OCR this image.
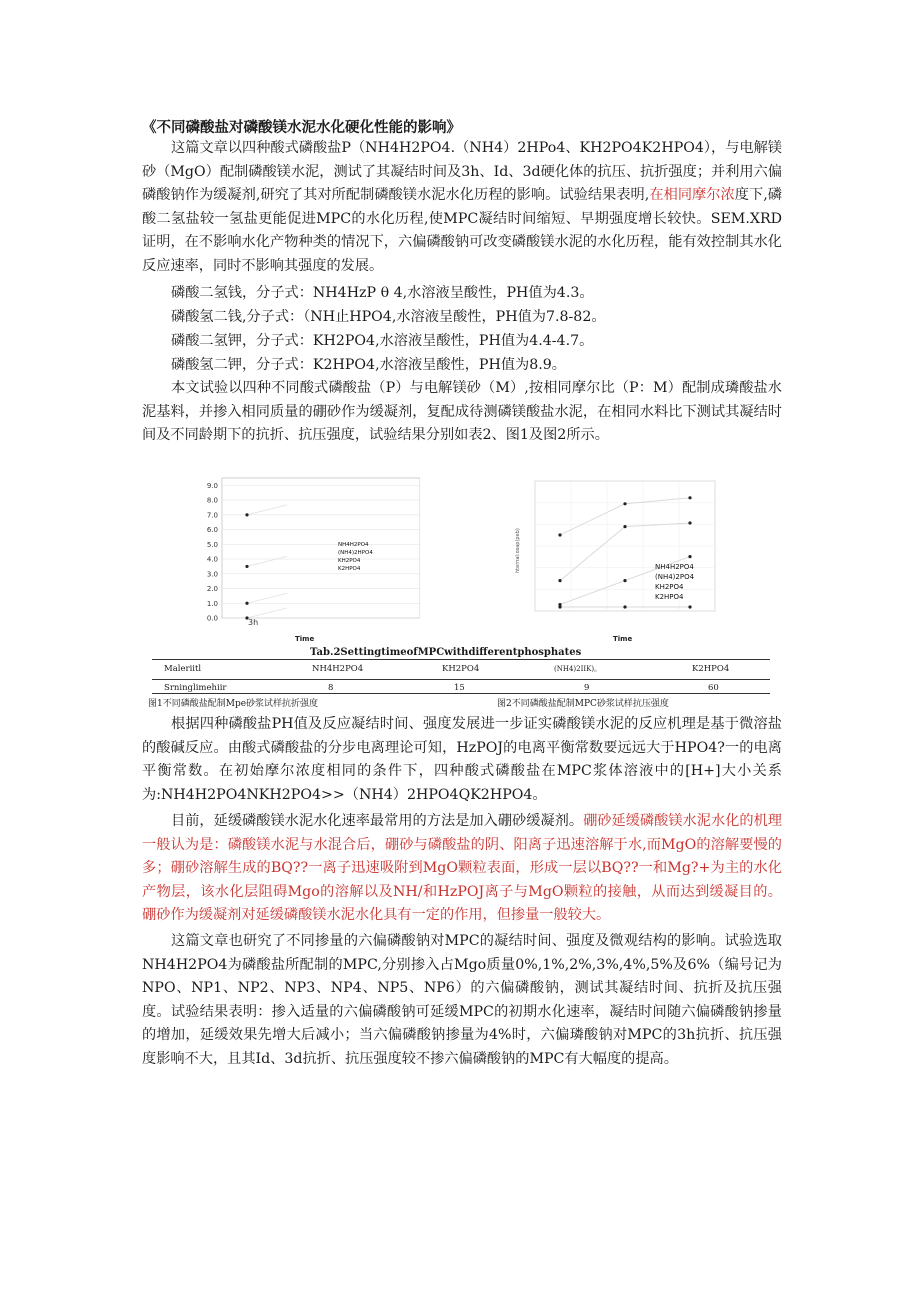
《不同磷酸盐对磷酸镁水泥水化硬化性能的影响》

这篇文章以四种酸式磷酸盐P（NH4H2PO4.（NH4）2HPo4、KH2PO4K2HPO4），与电解镁砂（MgO）配制磷酸镁水泥，测试了其凝结时间及3h、Id、3d硬化体的抗压、抗折强度；并利用六偏磷酸钠作为缓凝剂,研究了其对所配制磷酸镁水泥水化历程的影响。试验结果表明,在相同摩尔浓度下,磷酸二氢盐较一氢盐更能促进MPC的水化历程,使MPC凝结时间缩短、早期强度增长较快。SEM.XRD证明，在不影响水化产物种类的情况下，六偏磷酸钠可改变磷酸镁水泥的水化历程，能有效控制其水化反应速率，同时不影响其强度的发展。

磷酸二氢钱，分子式：NH4HzP θ 4,水溶液呈酸性，PH值为4.3。
磷酸氢二钱,分子式：（NH止HPO4,水溶液呈酸性，PH值为7.8-82。
磷酸二氢钾，分子式：KH2PO4,水溶液呈酸性，PH值为4.4-4.7。
磷酸氢二钾，分子式：K2HPO4,水溶液呈酸性，PH值为8.9。

本文试验以四种不同酸式磷酸盐（P）与电解镁砂（M）,按相同摩尔比（P：M）配制成璘酸盐水泥基料，并掺入相同质量的硼砂作为缓凝剂，复配成待测磷镁酸盐水泥，在相同水料比下测试其凝结时间及不同龄期下的抗折、抗压强度，试验结果分别如表2、图1及图2所示。

0.0
1.0
2.0
3.0
4.0
5.0
6.0
7.0
8.0
9.0
3h
Time
NH4H2PO4
(NH4)2HPO4
KH2PO4
K2HPO4	hternaI:osap(peb)
Time
NH4H2PO4
(NH4)2PO4
KH2PO4
K2HPO4
Tab.2SettingtimeofMPCwithdifferentphosphates
Maleriitl	NH4H2PO4	KH2PO4	(NH4)2IIK)。	K2HPO4
Srninglimehiir	8	15	9	60
图1不同磷酸盐配制Mpe砂浆试样抗折强度	图2不同磷酸盐配制MPC砂浆试样抗压强度

根据四种磷酸盐PH值及反应凝结时间、强度发展进一步证实磷酸镁水泥的反应机理是基于微溶盐的酸碱反应。由酸式磷酸盐的分步电离理论可知，HzPOJ的电离平衡常数要远远大于HPO4?一的电离平衡常数。在初始摩尔浓度相同的条件下，四种酸式磷酸盐在MPC浆体溶液中的[H+]大小关系为:NH4H2PO4NKH2PO4>>（NH4）2HPO4QK2HPO4。

目前，延缓磷酸镁水泥水化速率最常用的方法是加入硼砂缓凝剂。硼砂延缓磷酸镁水泥水化的机理一般认为是：磷酸镁水泥与水混合后，硼砂与磷酸盐的阴、阳离子迅速溶解于水,而MgO的溶解要慢的多；硼砂溶解生成的BQ??一离子迅速吸附到MgO颗粒表面，形成一层以BQ??一和Mg?+为主的水化产物层，该水化层阻碍Mgo的溶解以及NH/和HzPOJ离子与MgO颗粒的接触，从而达到缓凝目的。硼砂作为缓凝剂对延缓磷酸镁水泥水化具有一定的作用，但掺量一般较大。

这篇文章也研究了不同掺量的六偏磷酸钠对MPC的凝结时间、强度及微观结构的影响。试验选取NH4H2PO4为磷酸盐所配制的MPC,分别掺入占Mgo质量0%,1%,2%,3%,4%,5%及6%（编号记为NPO、NP1、NP2、NP3、NP4、NP5、NP6）的六偏磷酸钠，测试其凝结时间、抗折及抗压强度。试验结果表明：掺入适量的六偏磷酸钠可延缓MPC的初期水化速率，凝结时间随六偏磷酸钠掺量的增加，延缓效果先增大后减小；当六偏磷酸钠掺量为4%时，六偏璘酸钠对MPC的3h抗折、抗压强度影响不大，且其Id、3d抗折、抗压强度较不掺六偏磷酸钠的MPC有大幅度的提高。
